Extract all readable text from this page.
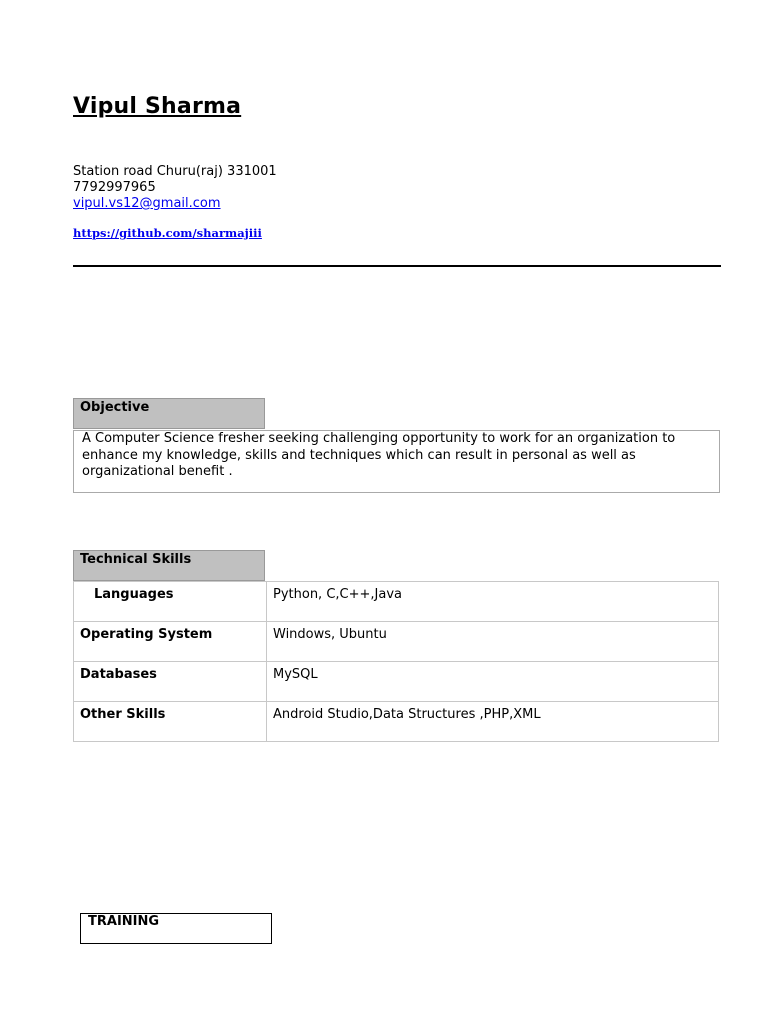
Vipul Sharma
Station road Churu(raj) 331001
7792997965
vipul.vs12@gmail.com
https://github.com/sharmajiii
Objective

A Computer Science fresher seeking challenging opportunity to work for an organization to enhance my knowledge, skills and techniques which can result in personal as well as organizational benefit .

Technical Skills
Languages	Python, C,C++,Java
Operating System	Windows, Ubuntu
Databases	MySQL
Other Skills	Android Studio,Data Structures ,PHP,XML
TRAINING
